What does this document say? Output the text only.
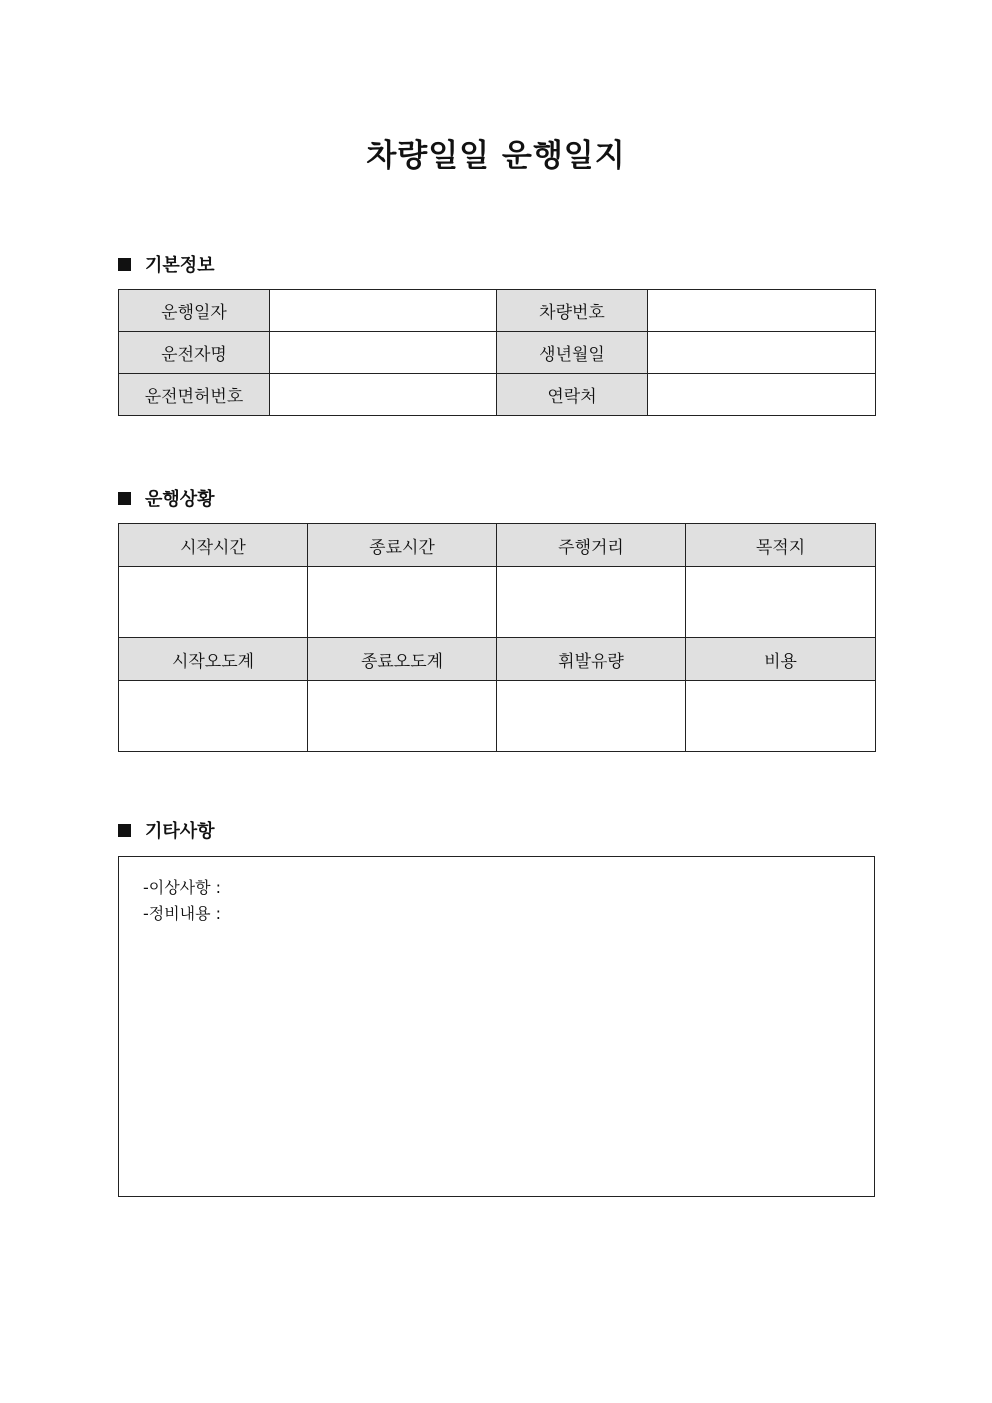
차량일일 운행일지
기본정보
운행일자		차량번호	
운전자명		생년월일	
운전면허번호		연락처	
운행상황
시작시간	종료시간	주행거리	목적지

시작오도계	종료오도계	휘발유량	비용

기타사항
-이상사항 :
-정비내용 :
